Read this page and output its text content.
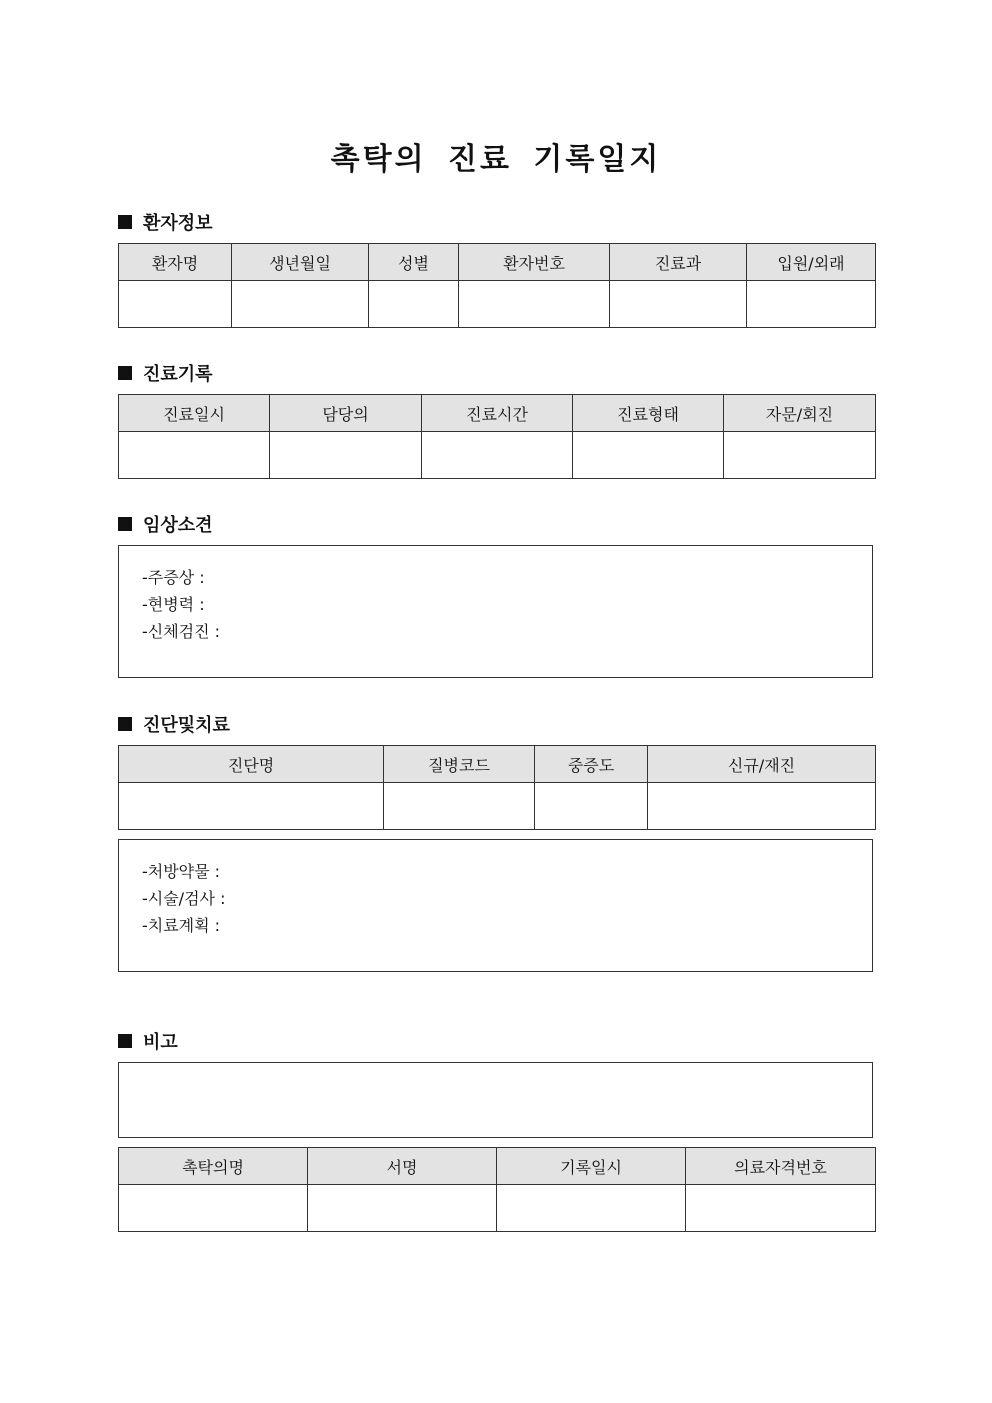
촉탁의 진료 기록일지
환자정보
환자명	생년월일	성별	환자번호	진료과	입원/외래

진료기록
진료일시	담당의	진료시간	진료형태	자문/회진

임상소견
-주증상 :
-현병력 :
-신체검진 :
진단및치료
진단명	질병코드	중증도	신규/재진

-처방약물 :
-시술/검사 :
-치료계획 :
비고
촉탁의명	서명	기록일시	의료자격번호
